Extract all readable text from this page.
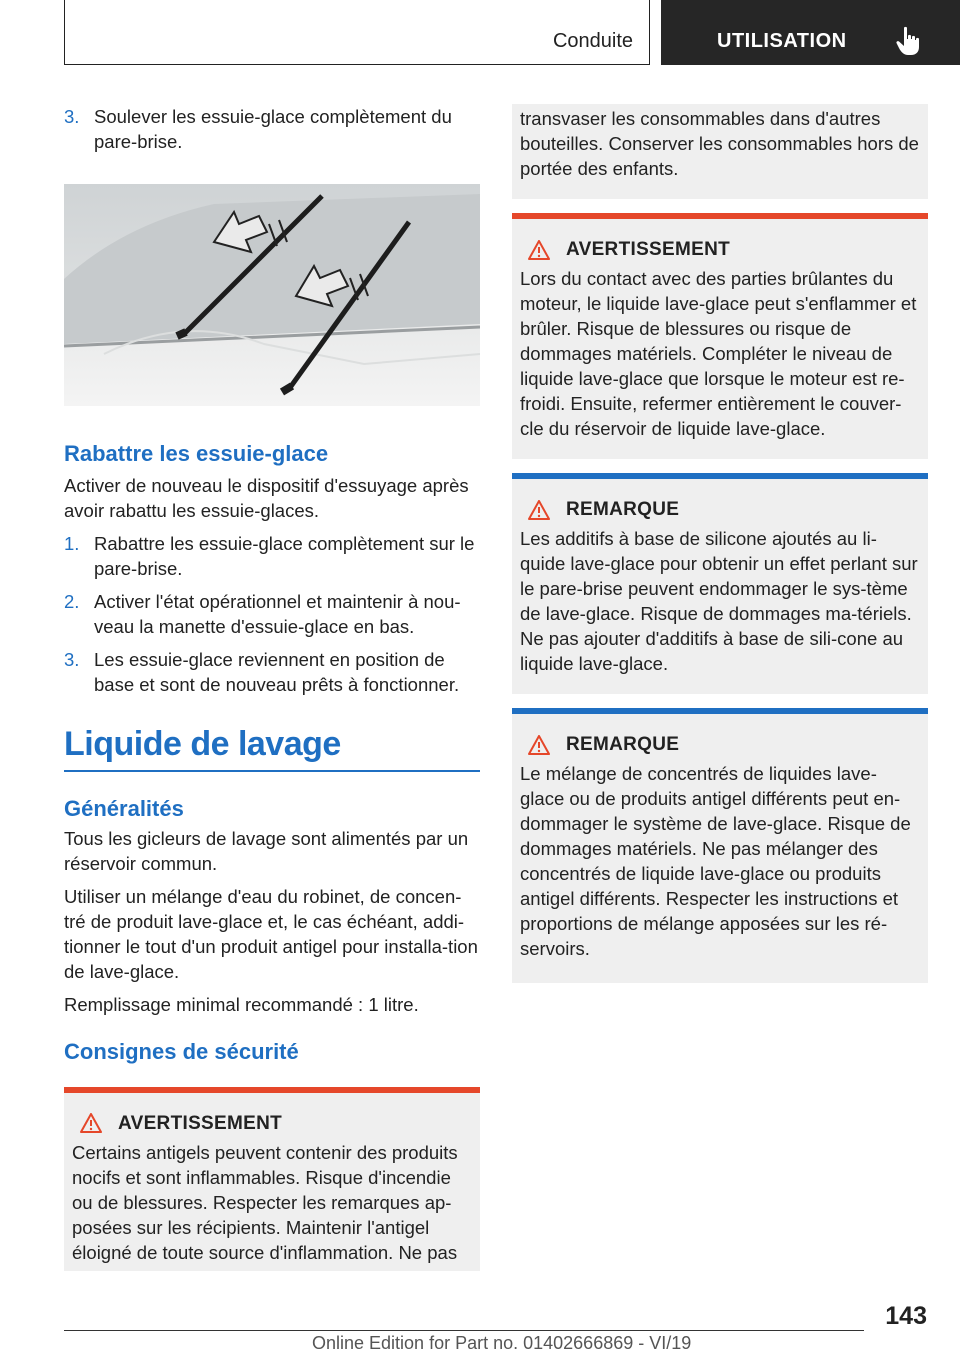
Conduite	UTILISATION
3. Soulever les essuie-glace complètement du pare-brise.
Rabattre les essuie-glace
Activer de nouveau le dispositif d'essuyage après avoir rabattu les essuie-glaces.
1. Rabattre les essuie-glace complètement sur le pare-brise.
2. Activer l'état opérationnel et maintenir à nou-veau la manette d'essuie-glace en bas.
3. Les essuie-glace reviennent en position de base et sont de nouveau prêts à fonctionner.
Liquide de lavage
Généralités
Tous les gicleurs de lavage sont alimentés par un réservoir commun.
Utiliser un mélange d'eau du robinet, de concen-tré de produit lave-glace et, le cas échéant, addi-tionner le tout d'un produit antigel pour installa-tion de lave-glace.
Remplissage minimal recommandé : 1 litre.
Consignes de sécurité
AVERTISSEMENT
Certains antigels peuvent contenir des produits nocifs et sont inflammables. Risque d'incendie ou de blessures. Respecter les remarques ap-posées sur les récipients. Maintenir l'antigel éloigné de toute source d'inflammation. Ne pas
transvaser les consommables dans d'autres bouteilles. Conserver les consommables hors de portée des enfants.
AVERTISSEMENT
Lors du contact avec des parties brûlantes du moteur, le liquide lave-glace peut s'enflammer et brûler. Risque de blessures ou risque de dommages matériels. Compléter le niveau de liquide lave-glace que lorsque le moteur est re-froidi. Ensuite, refermer entièrement le couver-cle du réservoir de liquide lave-glace.
REMARQUE
Les additifs à base de silicone ajoutés au li-quide lave-glace pour obtenir un effet perlant sur le pare-brise peuvent endommager le sys-tème de lave-glace. Risque de dommages ma-tériels. Ne pas ajouter d'additifs à base de sili-cone au liquide lave-glace.
REMARQUE
Le mélange de concentrés de liquides lave-glace ou de produits antigel différents peut en-dommager le système de lave-glace. Risque de dommages matériels. Ne pas mélanger des concentrés de liquide lave-glace ou produits antigel différents. Respecter les instructions et proportions de mélange apposées sur les ré-servoirs.
143
Online Edition for Part no. 01402666869 - VI/19
